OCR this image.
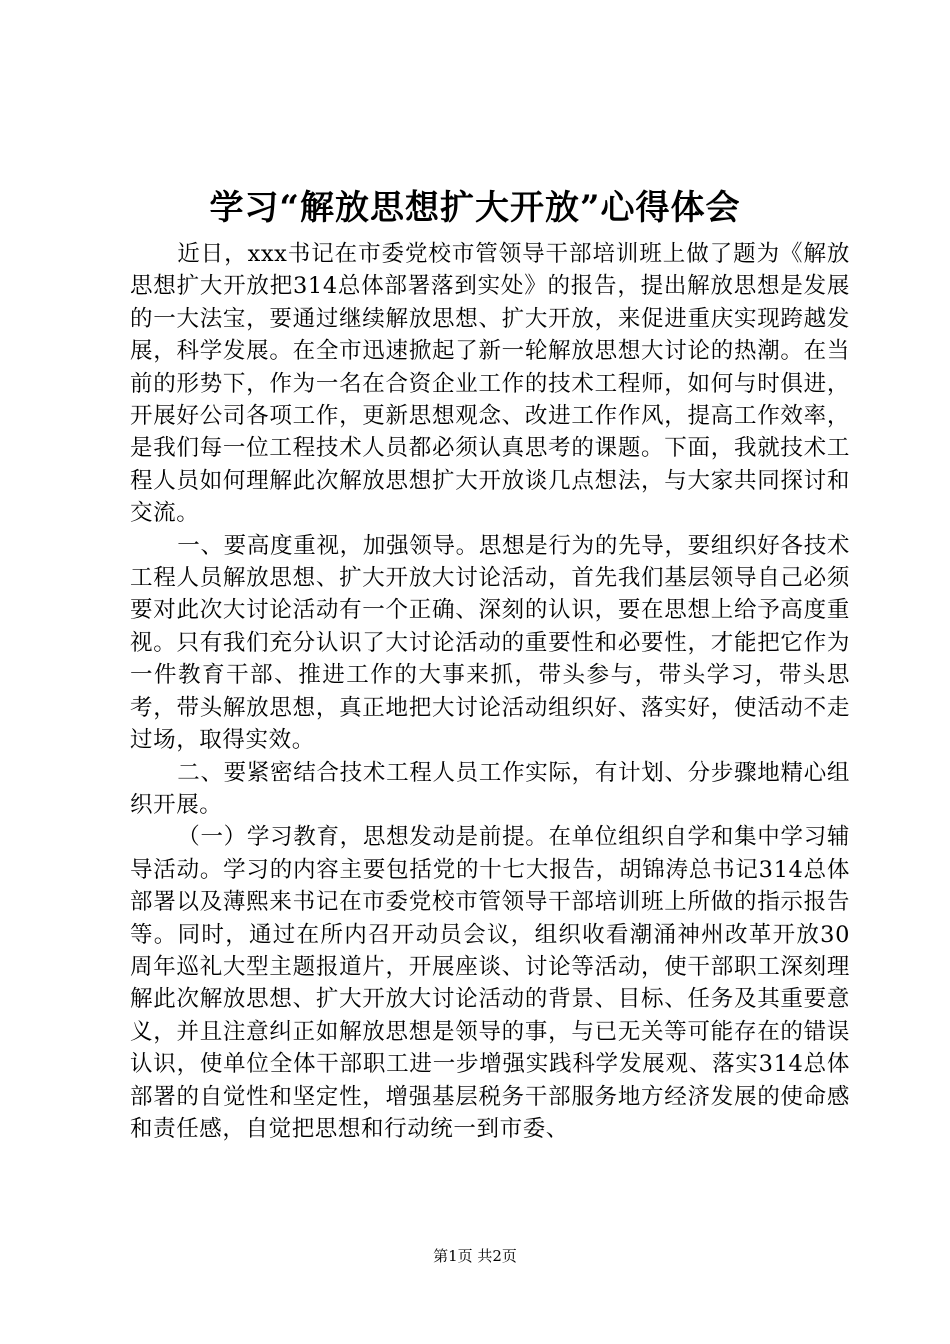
学习“解放思想扩大开放”心得体会

近日，xxx书记在市委党校市管领导干部培训班上做了题为《解放思想扩大开放把314总体部署落到实处》的报告，提出解放思想是发展的一大法宝，要通过继续解放思想、扩大开放，来促进重庆实现跨越发展，科学发展。在全市迅速掀起了新一轮解放思想大讨论的热潮。在当前的形势下，作为一名在合资企业工作的技术工程师，如何与时俱进，开展好公司各项工作，更新思想观念、改进工作作风，提高工作效率，是我们每一位工程技术人员都必须认真思考的课题。下面，我就技术工程人员如何理解此次解放思想扩大开放谈几点想法，与大家共同探讨和交流。

一、要高度重视，加强领导。思想是行为的先导，要组织好各技术工程人员解放思想、扩大开放大讨论活动，首先我们基层领导自己必须要对此次大讨论活动有一个正确、深刻的认识，要在思想上给予高度重视。只有我们充分认识了大讨论活动的重要性和必要性，才能把它作为一件教育干部、推进工作的大事来抓，带头参与，带头学习，带头思考，带头解放思想，真正地把大讨论活动组织好、落实好，使活动不走过场，取得实效。

二、要紧密结合技术工程人员工作实际，有计划、分步骤地精心组织开展。

（一）学习教育，思想发动是前提。在单位组织自学和集中学习辅导活动。学习的内容主要包括党的十七大报告，胡锦涛总书记314总体部署以及薄熙来书记在市委党校市管领导干部培训班上所做的指示报告等。同时，通过在所内召开动员会议，组织收看潮涌神州改革开放30周年巡礼大型主题报道片，开展座谈、讨论等活动，使干部职工深刻理解此次解放思想、扩大开放大讨论活动的背景、目标、任务及其重要意义，并且注意纠正如解放思想是领导的事，与已无关等可能存在的错误认识，使单位全体干部职工进一步增强实践科学发展观、落实314总体部署的自觉性和坚定性，增强基层税务干部服务地方经济发展的使命感和责任感，自觉把思想和行动统一到市委、

第1页 共2页
